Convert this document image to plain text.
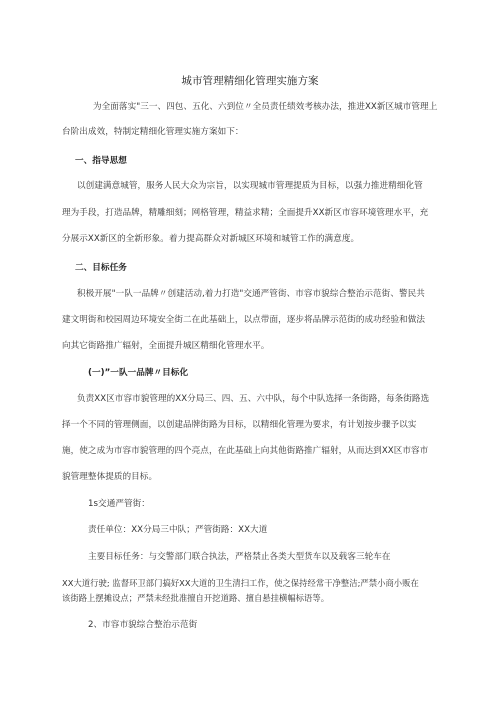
城市管理精细化管理实施方案
为全面落实"三一、四包、五化、六到位〃全员责任绩效考核办法，推进XX新区城市管理上
台阶出成效，特制定精细化管理实施方案如下：
一、指导思想
以创建满意城管，服务人民大众为宗旨，以实现城市管理提质为目标，以强力推进精细化管
理为手段，打造品牌，精雕细刻；网格管理，精益求精；全面提升XX新区市容环境管理水平，充
分展示XX新区的全新形象。着力提高群众对新城区环境和城管工作的满意度。
二、目标任务
积极开展"一队一品牌〃创建活动,着力打造"交通严管街、市容市貌综合整治示范街、警民共
建文明街和校园周边环境安全街二在此基础上，以点带面，逐步将品牌示范街的成功经验和做法
向其它街路推广辐射，全面提升城区精细化管理水平。
(一)”一队一品牌〃目标化
负责XX区市容市貌管理的XX分局三、四、五、六中队，每个中队选择一条街路，每条街路选
择一个不同的管理侧面，以创建品牌街路为目标，以精细化管理为要求，有计划按步骤予以实
施，使之成为市容市貌管理的四个亮点，在此基础上向其他街路推广辐射，从而达到XX区市容市
貌管理整体提质的目标。
1s交通严管街：
责任单位：XX分局三中队；严管街路：XX大道
主要目标任务：与交警部门联合执法，严格禁止各类大型货车以及载客三轮车在
XX大道行驶; 监督环卫部门搞好XX大道的卫生清扫工作，使之保持经常干净整洁;严禁小商小贩在
该街路上摆摊设点；严禁未经批准擅自开挖道路、擅自悬挂横幅标语等。
2、市容市貌综合整治示范街
